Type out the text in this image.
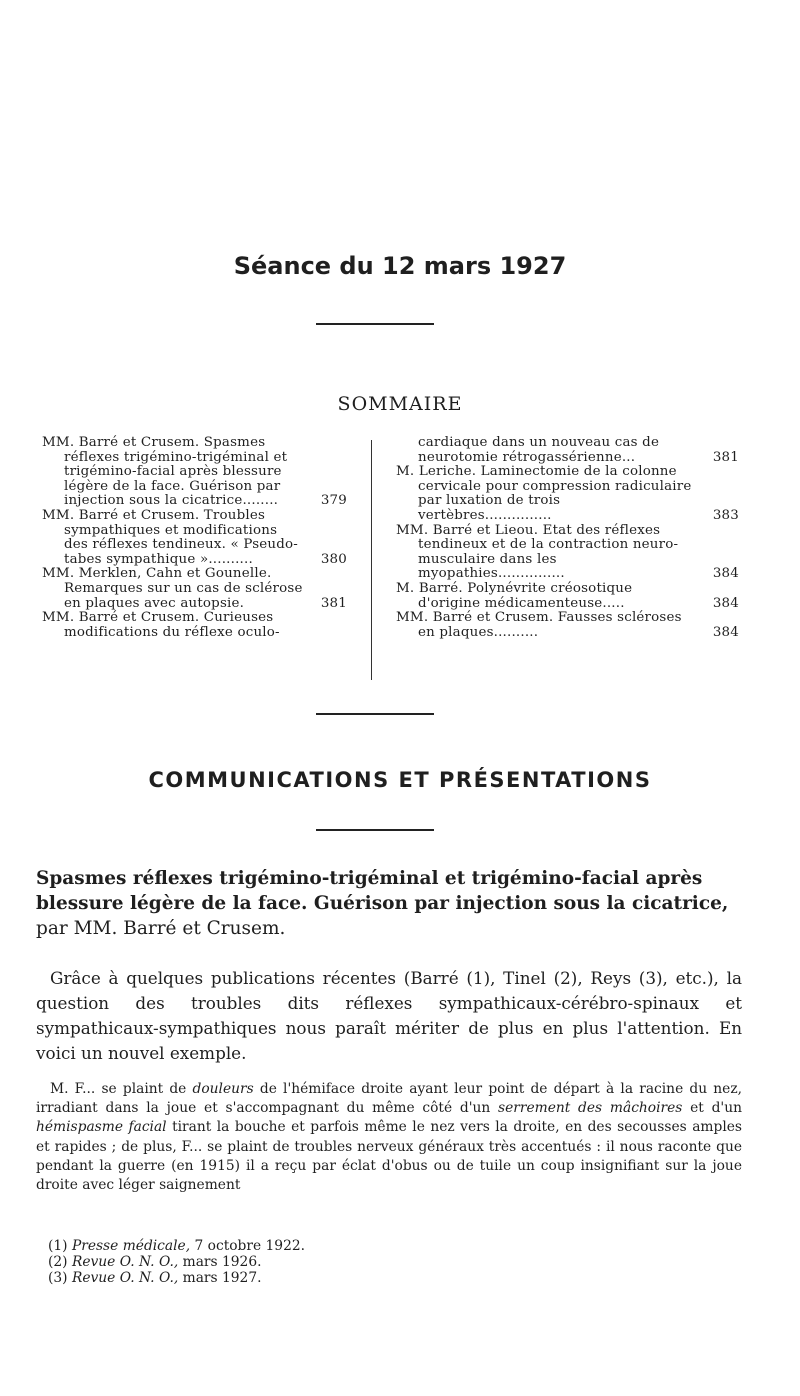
Séance du 12 mars 1927
SOMMAIRE
MM. Barré et Crusem. Spasmes réflexes trigémino-trigéminal et trigémino-facial après blessure légère de la face. Guérison par injection sous la cicatrice........	379
MM. Barré et Crusem. Troubles sympathiques et modifications des réflexes tendineux. « Pseudo-tabes sympathique »..........	380
MM. Merklen, Cahn et Gounelle. Remarques sur un cas de sclérose en plaques avec autopsie.	381
MM. Barré et Crusem. Curieuses modifications du réflexe oculo-
cardiaque dans un nouveau cas de neurotomie rétrogassérienne...	381
M. Leriche. Laminectomie de la colonne cervicale pour compression radiculaire par luxation de trois vertèbres...............	383
MM. Barré et Lieou. Etat des réflexes tendineux et de la contraction neuro-musculaire dans les myopathies...............	384
M. Barré. Polynévrite créosotique d'origine médicamenteuse.....	384
MM. Barré et Crusem. Fausses scléroses en plaques..........	384
COMMUNICATIONS ET PRÉSENTATIONS
Spasmes réflexes trigémino-trigéminal et trigémino-facial après blessure légère de la face. Guérison par injection sous la cicatrice, par MM. Barré et Crusem.
Grâce à quelques publications récentes (Barré (1), Tinel (2), Reys (3), etc.), la question des troubles dits réflexes sympathicaux-cérébro-spinaux et sympathicaux-sympathiques nous paraît mériter de plus en plus l'attention. En voici un nouvel exemple.
M. F... se plaint de douleurs de l'hémiface droite ayant leur point de départ à la racine du nez, irradiant dans la joue et s'accompagnant du même côté d'un serrement des mâchoires et d'un hémispasme facial tirant la bouche et parfois même le nez vers la droite, en des secousses amples et rapides ; de plus, F... se plaint de troubles nerveux généraux très accentués : il nous raconte que pendant la guerre (en 1915) il a reçu par éclat d'obus ou de tuile un coup insignifiant sur la joue droite avec léger saignement
(1) Presse médicale, 7 octobre 1922.
(2) Revue O. N. O., mars 1926.
(3) Revue O. N. O., mars 1927.
